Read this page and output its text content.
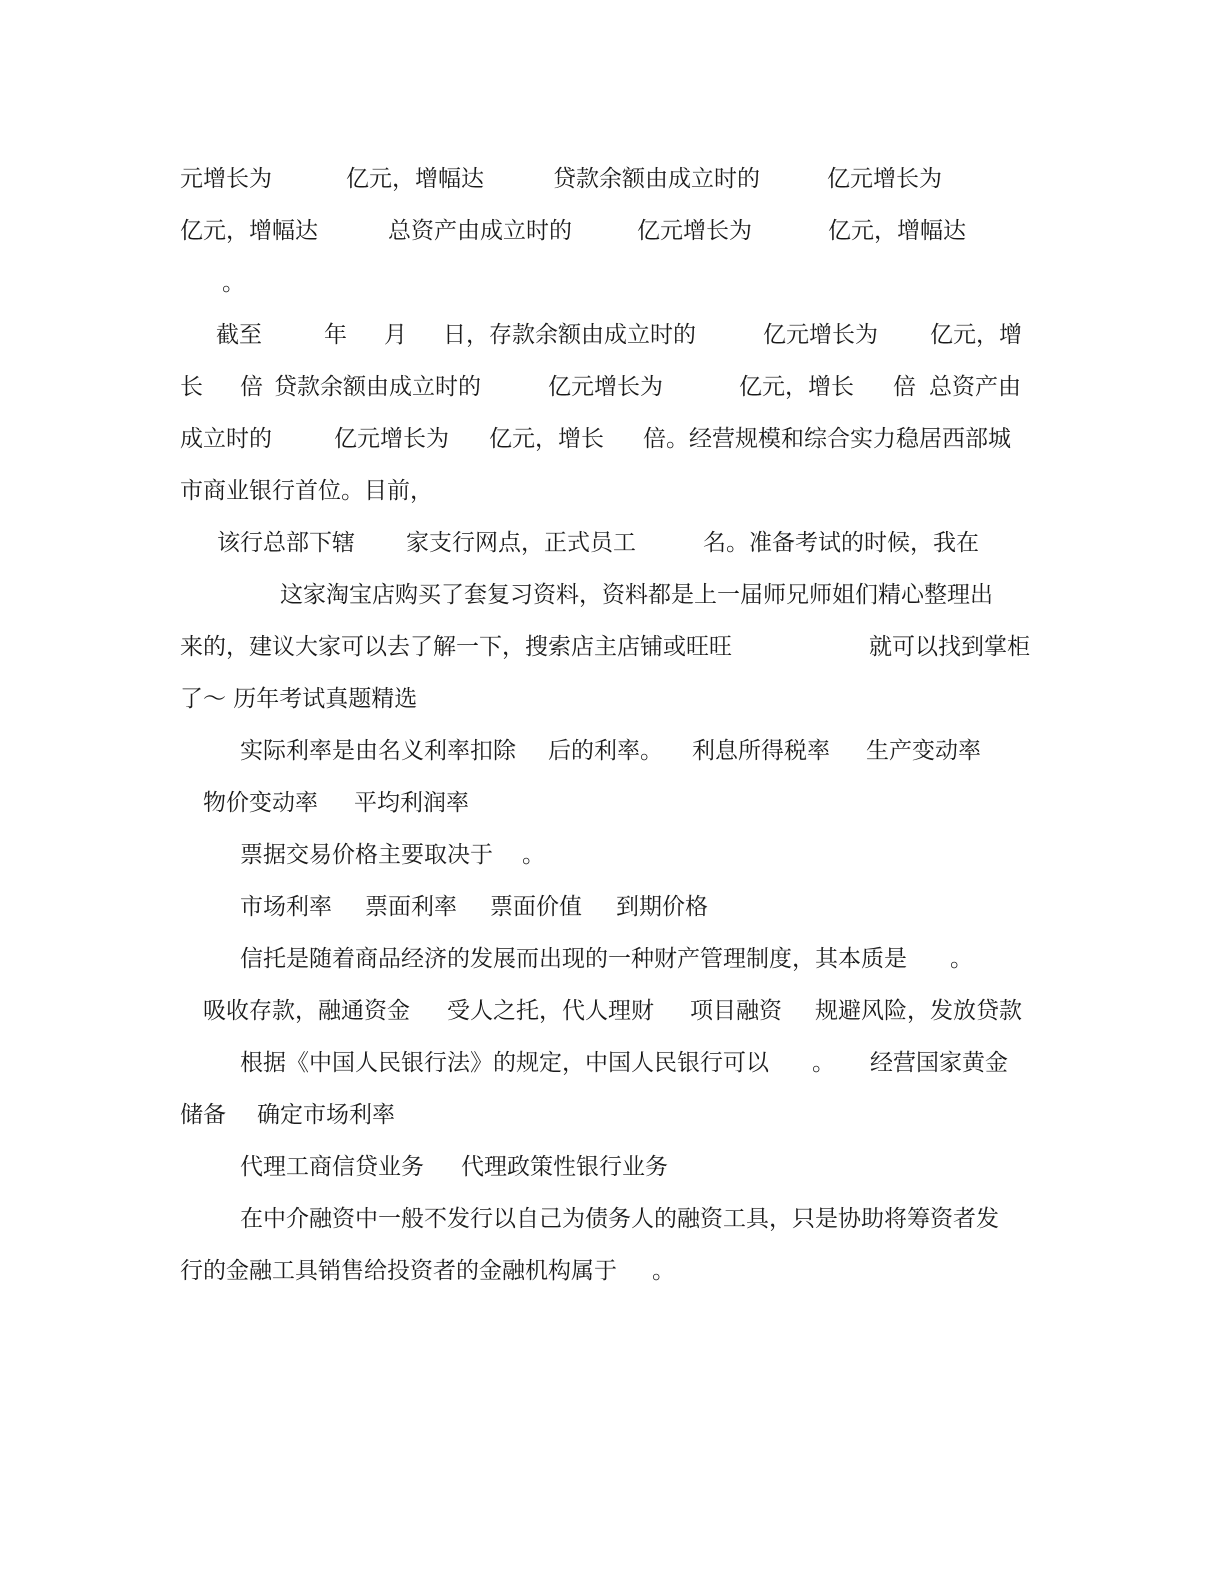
元增长为	亿元，增幅达	贷款余额由成立时的	亿元增长为
亿元，增幅达	总资产由成立时的	亿元增长为	亿元，增幅达
。
截至	年 月 日，存款余额由成立时的	亿元增长为 亿元，增
长 倍 贷款余额由成立时的	亿元增长为	亿元，增长 倍 总资产由
成立时的	亿元增长为 亿元，增长 倍。经营规模和综合实力稳居西部城
市商业银行首位。目前，
该行总部下辖 家支行网点，正式员工	名。准备考试的时候，我在
这家淘宝店购买了套复习资料，资料都是上一届师兄师姐们精心整理出
来的，建议大家可以去了解一下，搜索店主店铺或旺旺	就可以找到掌柜
了～ 历年考试真题精选
实际利率是由名义利率扣除 后的利率。 利息所得税率 生产变动率
物价变动率 平均利润率
票据交易价格主要取决于 。
市场利率 票面利率 票面价值 到期价格
信托是随着商品经济的发展而出现的一种财产管理制度，其本质是 。
吸收存款，融通资金 受人之托，代人理财 项目融资 规避风险，发放贷款
根据《中国人民银行法》的规定，中国人民银行可以 。 经营国家黄金
储备 确定市场利率
代理工商信贷业务 代理政策性银行业务
在中介融资中一般不发行以自己为债务人的融资工具，只是协助将筹资者发
行的金融工具销售给投资者的金融机构属于 。
